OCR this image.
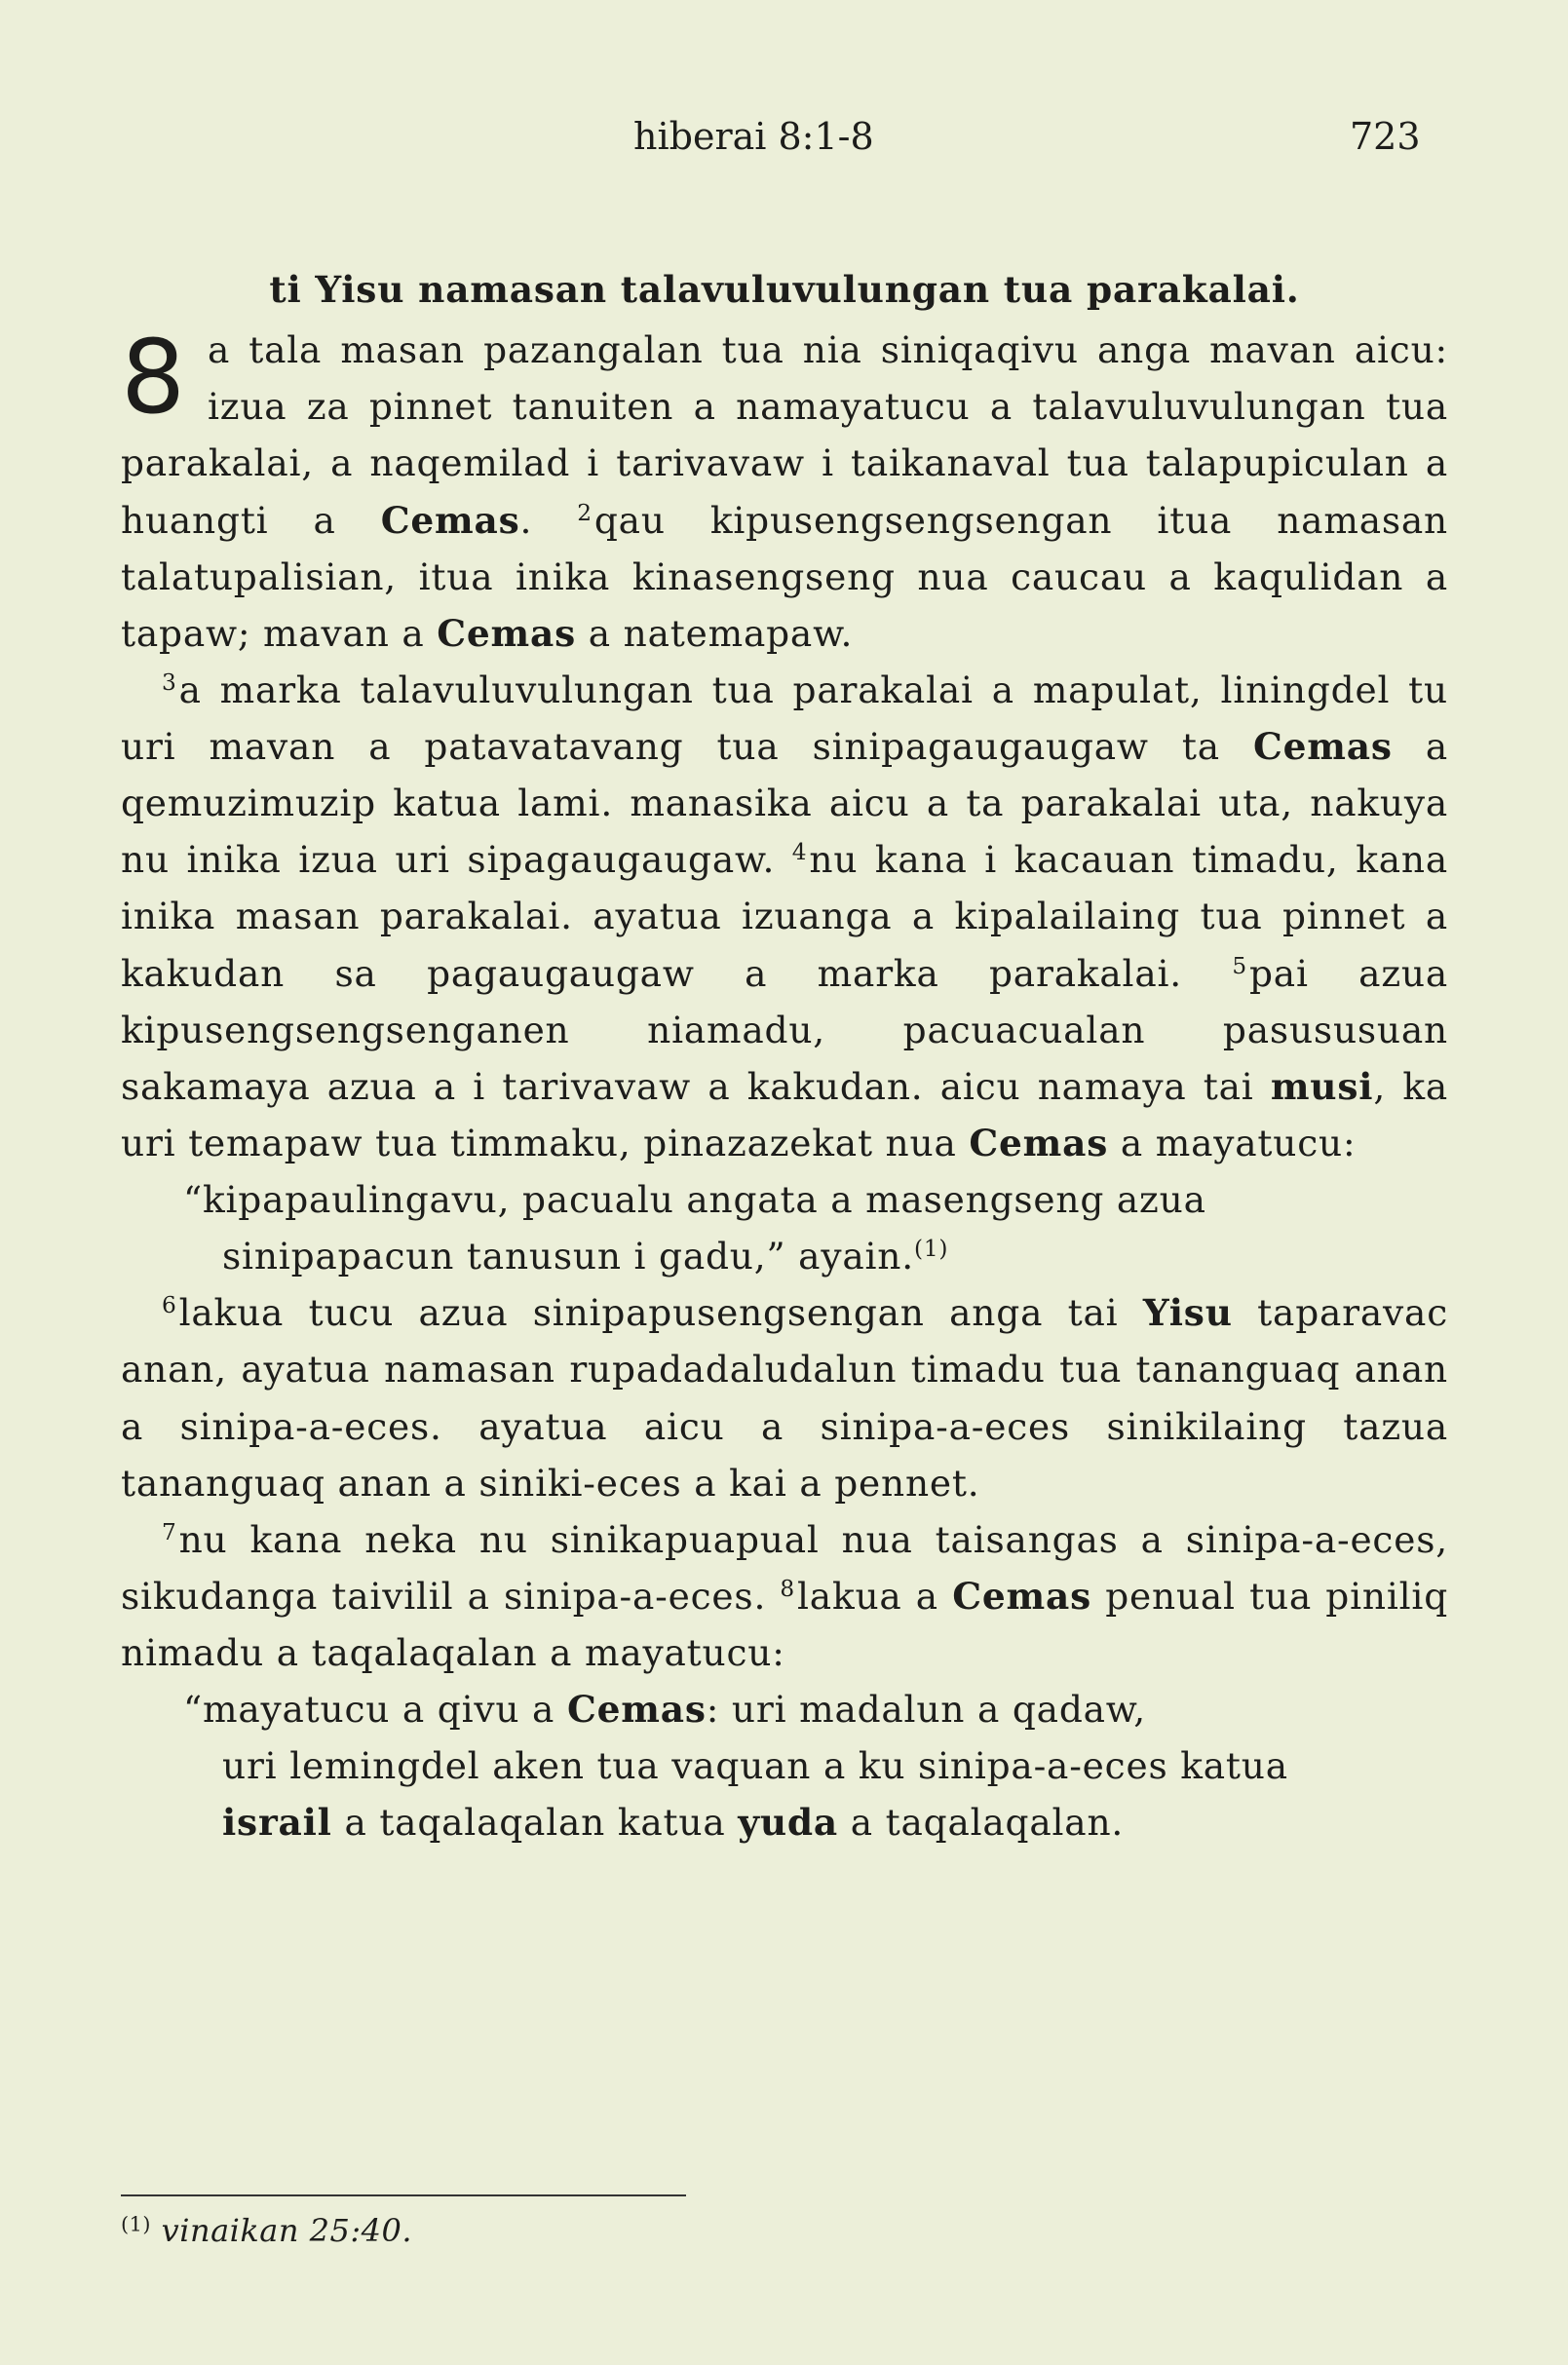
hiberai 8:1-8	723

ti Yisu namasan talavuluvulungan tua parakalai.

8 a tala masan pazangalan tua nia siniqaqivu anga mavan aicu: izua za pinnet tanuiten a namayatucu a talavuluvulungan tua parakalai, a naqemilad i tarivavaw i taikanaval tua talapupiculan a huangti a Cemas. $^2$qau kipusengsengsengan itua namasan talatupalisian, itua inika kinasengseng nua caucau a kaqulidan a tapaw; mavan a Cemas a natemapaw.

$^3$a marka talavuluvulungan tua parakalai a mapulat, liningdel tu uri mavan a patavatavang tua sinipagaugaugaw ta Cemas a qemuzimuzip katua lami. manasika aicu a ta parakalai uta, nakuya nu inika izua uri sipagaugaugaw. $^4$nu kana i kacauan timadu, kana inika masan parakalai. ayatua izuanga a kipalailaing tua pinnet a kakudan sa pagaugaugaw a marka parakalai. $^5$pai azua kipusengsengsenganen niamadu, pacuacualan pasususuan sakamaya azua a i tarivavaw a kakudan. aicu namaya tai musi, ka uri temapaw tua timmaku, pinazazekat nua Cemas a mayatucu:

“kipapaulingavu, pacualu angata a masengseng azua

sinipapacun tanusun i gadu,” ayain.$^{(1)}$

$^6$lakua tucu azua sinipapusengsengan anga tai Yisu taparavac anan, ayatua namasan rupadadaludalun timadu tua tananguaq anan a sinipa-a-eces. ayatua aicu a sinipa-a-eces sinikilaing tazua tananguaq anan a siniki-eces a kai a pennet.

$^7$nu kana neka nu sinikapuapual nua taisangas a sinipa-a-eces, sikudanga taivilil a sinipa-a-eces. $^8$lakua a Cemas penual tua piniliq nimadu a taqalaqalan a mayatucu:

“mayatucu a qivu a Cemas: uri madalun a qadaw,

uri lemingdel aken tua vaquan a ku sinipa-a-eces katua

israil a taqalaqalan katua yuda a taqalaqalan.

$^{(1)}$ vinaikan 25:40.
